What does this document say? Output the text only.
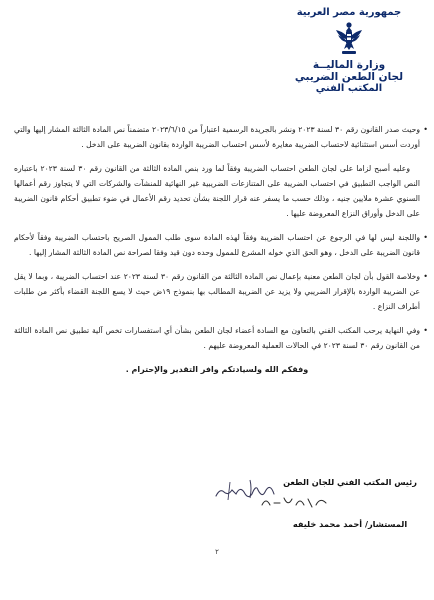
جمهورية مصر العربية
وزارة الماليــة
لجان الطعن الضريبي
المكتب الفني

• وحيث صدر القانون رقم ٣٠ لسنة ٢٠٢٣ ونشر بالجريدة الرسمية اعتباراً من ٢٠٢٣/٦/١٥ متضمناً نص المادة الثالثة المشار إليها والتي أوردت أسس استثنائية لاحتساب الضريبة مغايرة لأسس احتساب الضريبة الواردة بقانون الضريبة على الدخل .

وعليه أصبح لزاما على لجان الطعن احتساب الضريبة وفقاً لما ورد بنص المادة الثالثة من القانون رقم ٣٠ لسنة ٢٠٢٣ باعتباره النص الواجب التطبيق في احتساب الضريبة على المتنازعات الضريبية غير النهائية للمنشآت والشركات التي لا يتجاوز رقم أعمالها السنوي عشرة ملايين جنيه ، وذلك حسب ما يسفر عنه قرار اللجنة بشأن تحديد رقم الأعمال في ضوء تطبيق أحكام قانون الضريبة على الدخل وأوراق النزاع المعروضة عليها .

• واللجنة ليس لها في الرجوع عن احتساب الضريبة وفقاً لهذه المادة سوى طلب الممول الصريح باحتساب الضريبة وفقاً لأحكام قانون الضريبة على الدخل ، وهو الحق الذي خوله المشرع للممول وحده دون قيد وفقا لصراحة نص المادة الثالثة المشار إليها .

• وخلاصة القول بأن لجان الطعن معنية بإعمال نص المادة الثالثة من القانون رقم ٣٠ لسنة ٢٠٢٣ عند احتساب الضريبة ، وبما لا يقل عن الضريبة الواردة بالإقرار الضريبي ولا يزيد عن الضريبة المطالب بها بنموذج ١٩ض حيث لا يسع اللجنة القضاء بأكثر من طلبات أطراف النزاع .

• وفي النهاية يرحب المكتب الفني بالتعاون مع السادة أعضاء لجان الطعن بشأن أي استفسارات تخص آلية تطبيق نص المادة الثالثة من القانون رقم ٣٠ لسنة ٢٠٢٣ في الحالات العملية المعروضة عليهم .

وفقكم الله ولسيادتكم وافر التقدير والإحترام .
رئيس المكتب الفني للجان الطعن
المستشار/ أحمد محمد خليفه
٢
